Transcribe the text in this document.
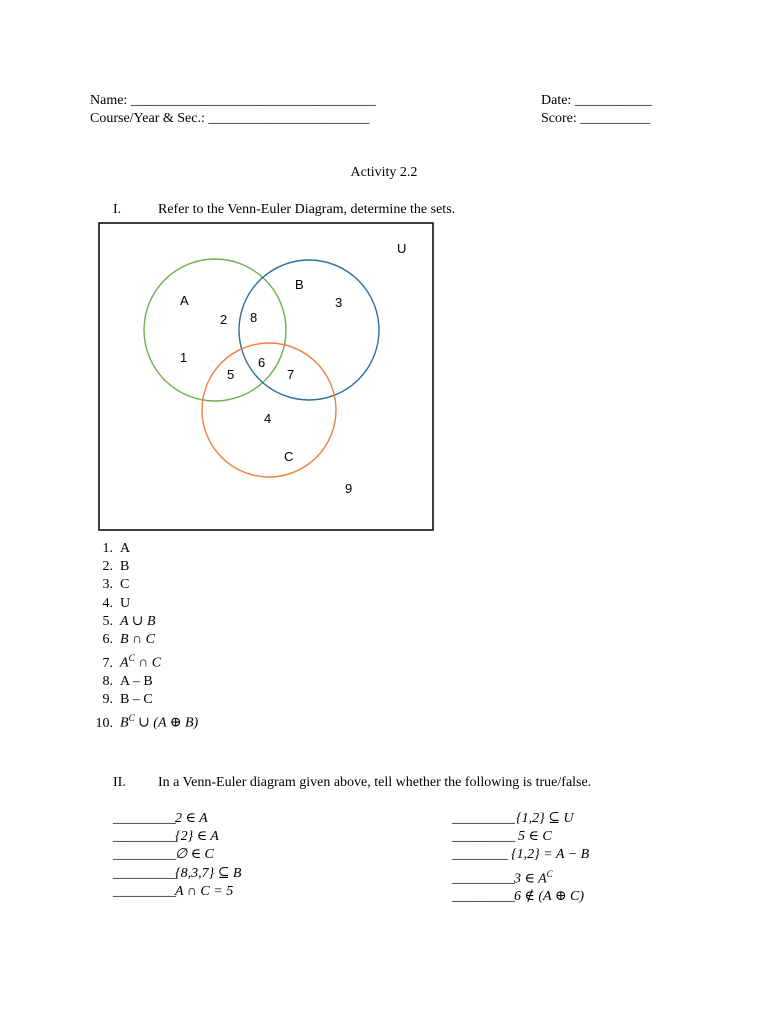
Name: ___________________________________	Date: ___________
Course/Year & Sec.: _______________________	Score: __________
Activity 2.2
I.	Refer to the Venn-Euler Diagram, determine the sets.
U
A
B
C
1
2
3
4
5
6
7
8
9
1. A
2. B
3. C
4. U
5. A ∪ B
6. B ∩ C
7. $A^C$ ∩ C
8. A – B
9. B – C
10. $B^C$ ∪ (A ⊕ B)
II. In a Venn-Euler diagram given above, tell whether the following is true/false.
_________2 ∈ A
_________{2} ∈ A
_________∅ ∈ C
_________{8,3,7} ⊆ B
_________A ∩ C = 5
_________{1,2} ⊆ U
_________ 5 ∈ C
________ {1,2} = A − B
_________3 ∈ $A^C$
_________6 ∉ (A ⊕ C)
